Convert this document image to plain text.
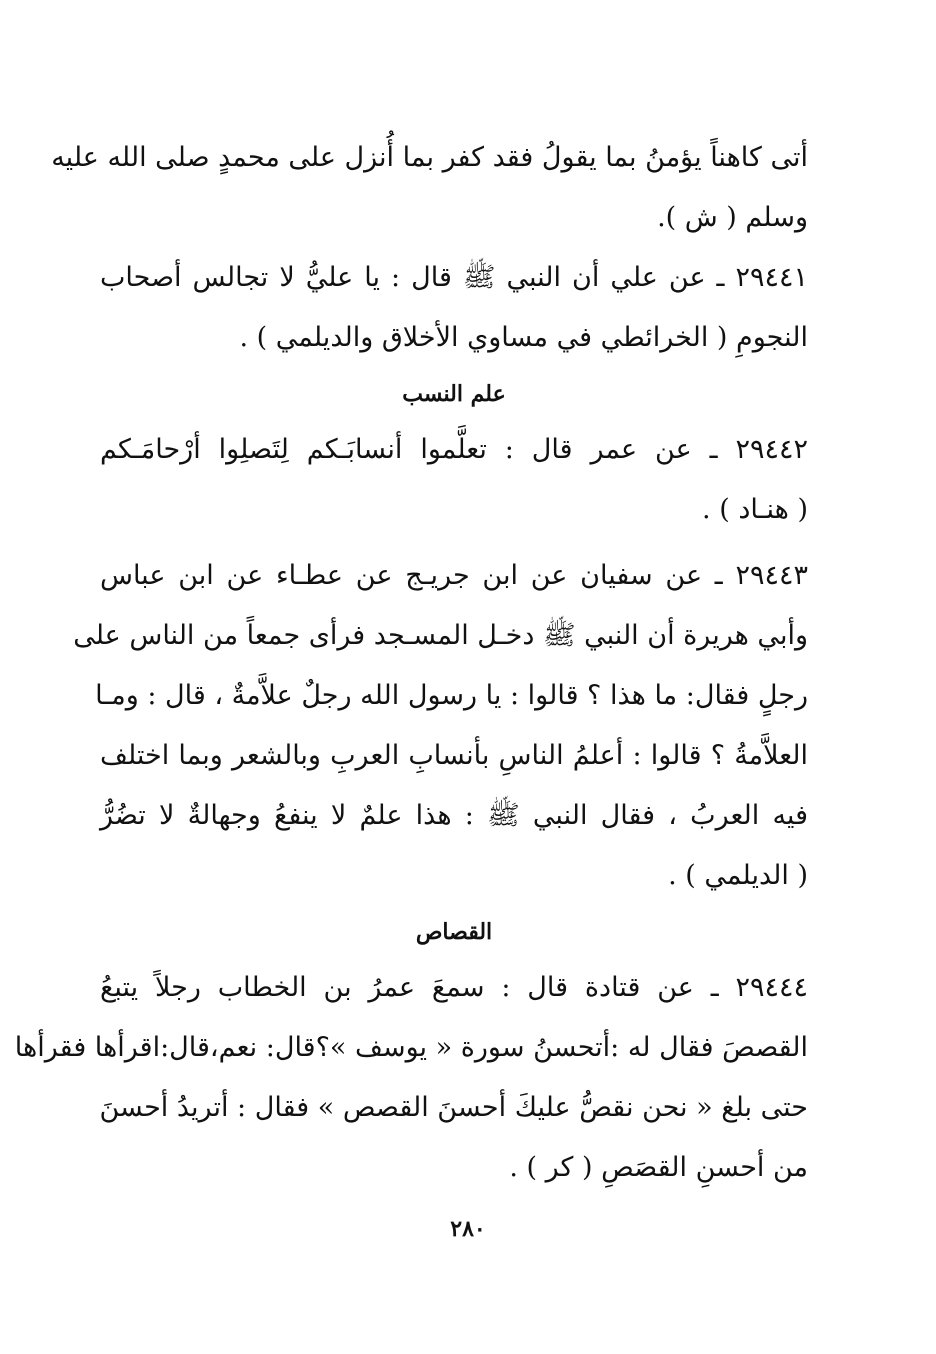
أتى كاهناً يؤمنُ بما يقولُ فقد كفر بما أُنزل على محمدٍ صلى الله عليه
وسلم ( ش ).
٢٩٤٤١ ـ عن علي أن النبي ﷺ قال : يا عليُّ لا تجالس أصحاب
النجومِ ( الخرائطي في مساوي الأخلاق والديلمي ) .
علم النسب
٢٩٤٤٢ ـ عن عمر قال : تعلَّموا أنسابَـكم لِتَصلِوا أرْحامَـكم
( هنـاد ) .
٢٩٤٤٣ ـ عن سفيان عن ابن جريـج عن عطـاء عن ابن عباس
وأبي هريرة أن النبي ﷺ دخـل المسـجد فرأى جمعاً من الناس على
رجلٍ فقال: ما هذا ؟ قالوا : يا رسول الله رجلٌ علاَّمةٌ ، قال : ومـا
العلاَّمةُ ؟ قالوا : أعلمُ الناسِ بأنسابِ العربِ وبالشعر وبما اختلف
فيه العربُ ، فقال النبي ﷺ : هذا علمٌ لا ينفعُ وجهالةٌ لا تضُرُّ
( الديلمي ) .
القصاص
٢٩٤٤٤ ـ عن قتادة قال : سمعَ عمرُ بن الخطاب رجلاً يتبعُ
القصصَ فقال له :أتحسنُ سورة « يوسف »؟قال: نعم،قال:اقرأها فقرأها
حتى بلغ « نحن نقصُّ عليكَ أحسنَ القصص » فقال : أتريدُ أحسنَ
من أحسنِ القصَصِ ( كر ) .
٢٨٠
